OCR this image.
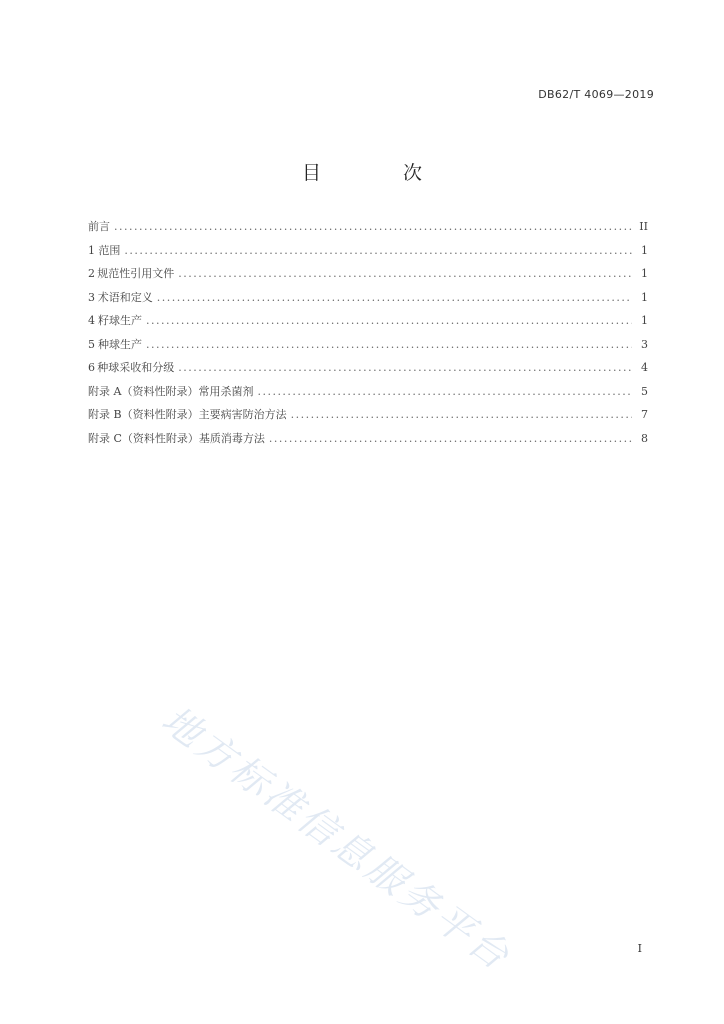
DB62/T 4069—2019
目 次
前言 .....	II
1 范围 .....	1
2 规范性引用文件 .....	1
3 术语和定义 .....	1
4 籽球生产 .....	1
5 种球生产 .....	3
6 种球采收和分级 .....	4
附录 A（资料性附录） 常用杀菌剂 .....	5
附录 B（资料性附录） 主要病害防治方法 .....	7
附录 C（资料性附录） 基质消毒方法 .....	8
地方标准信息服务平台	I
